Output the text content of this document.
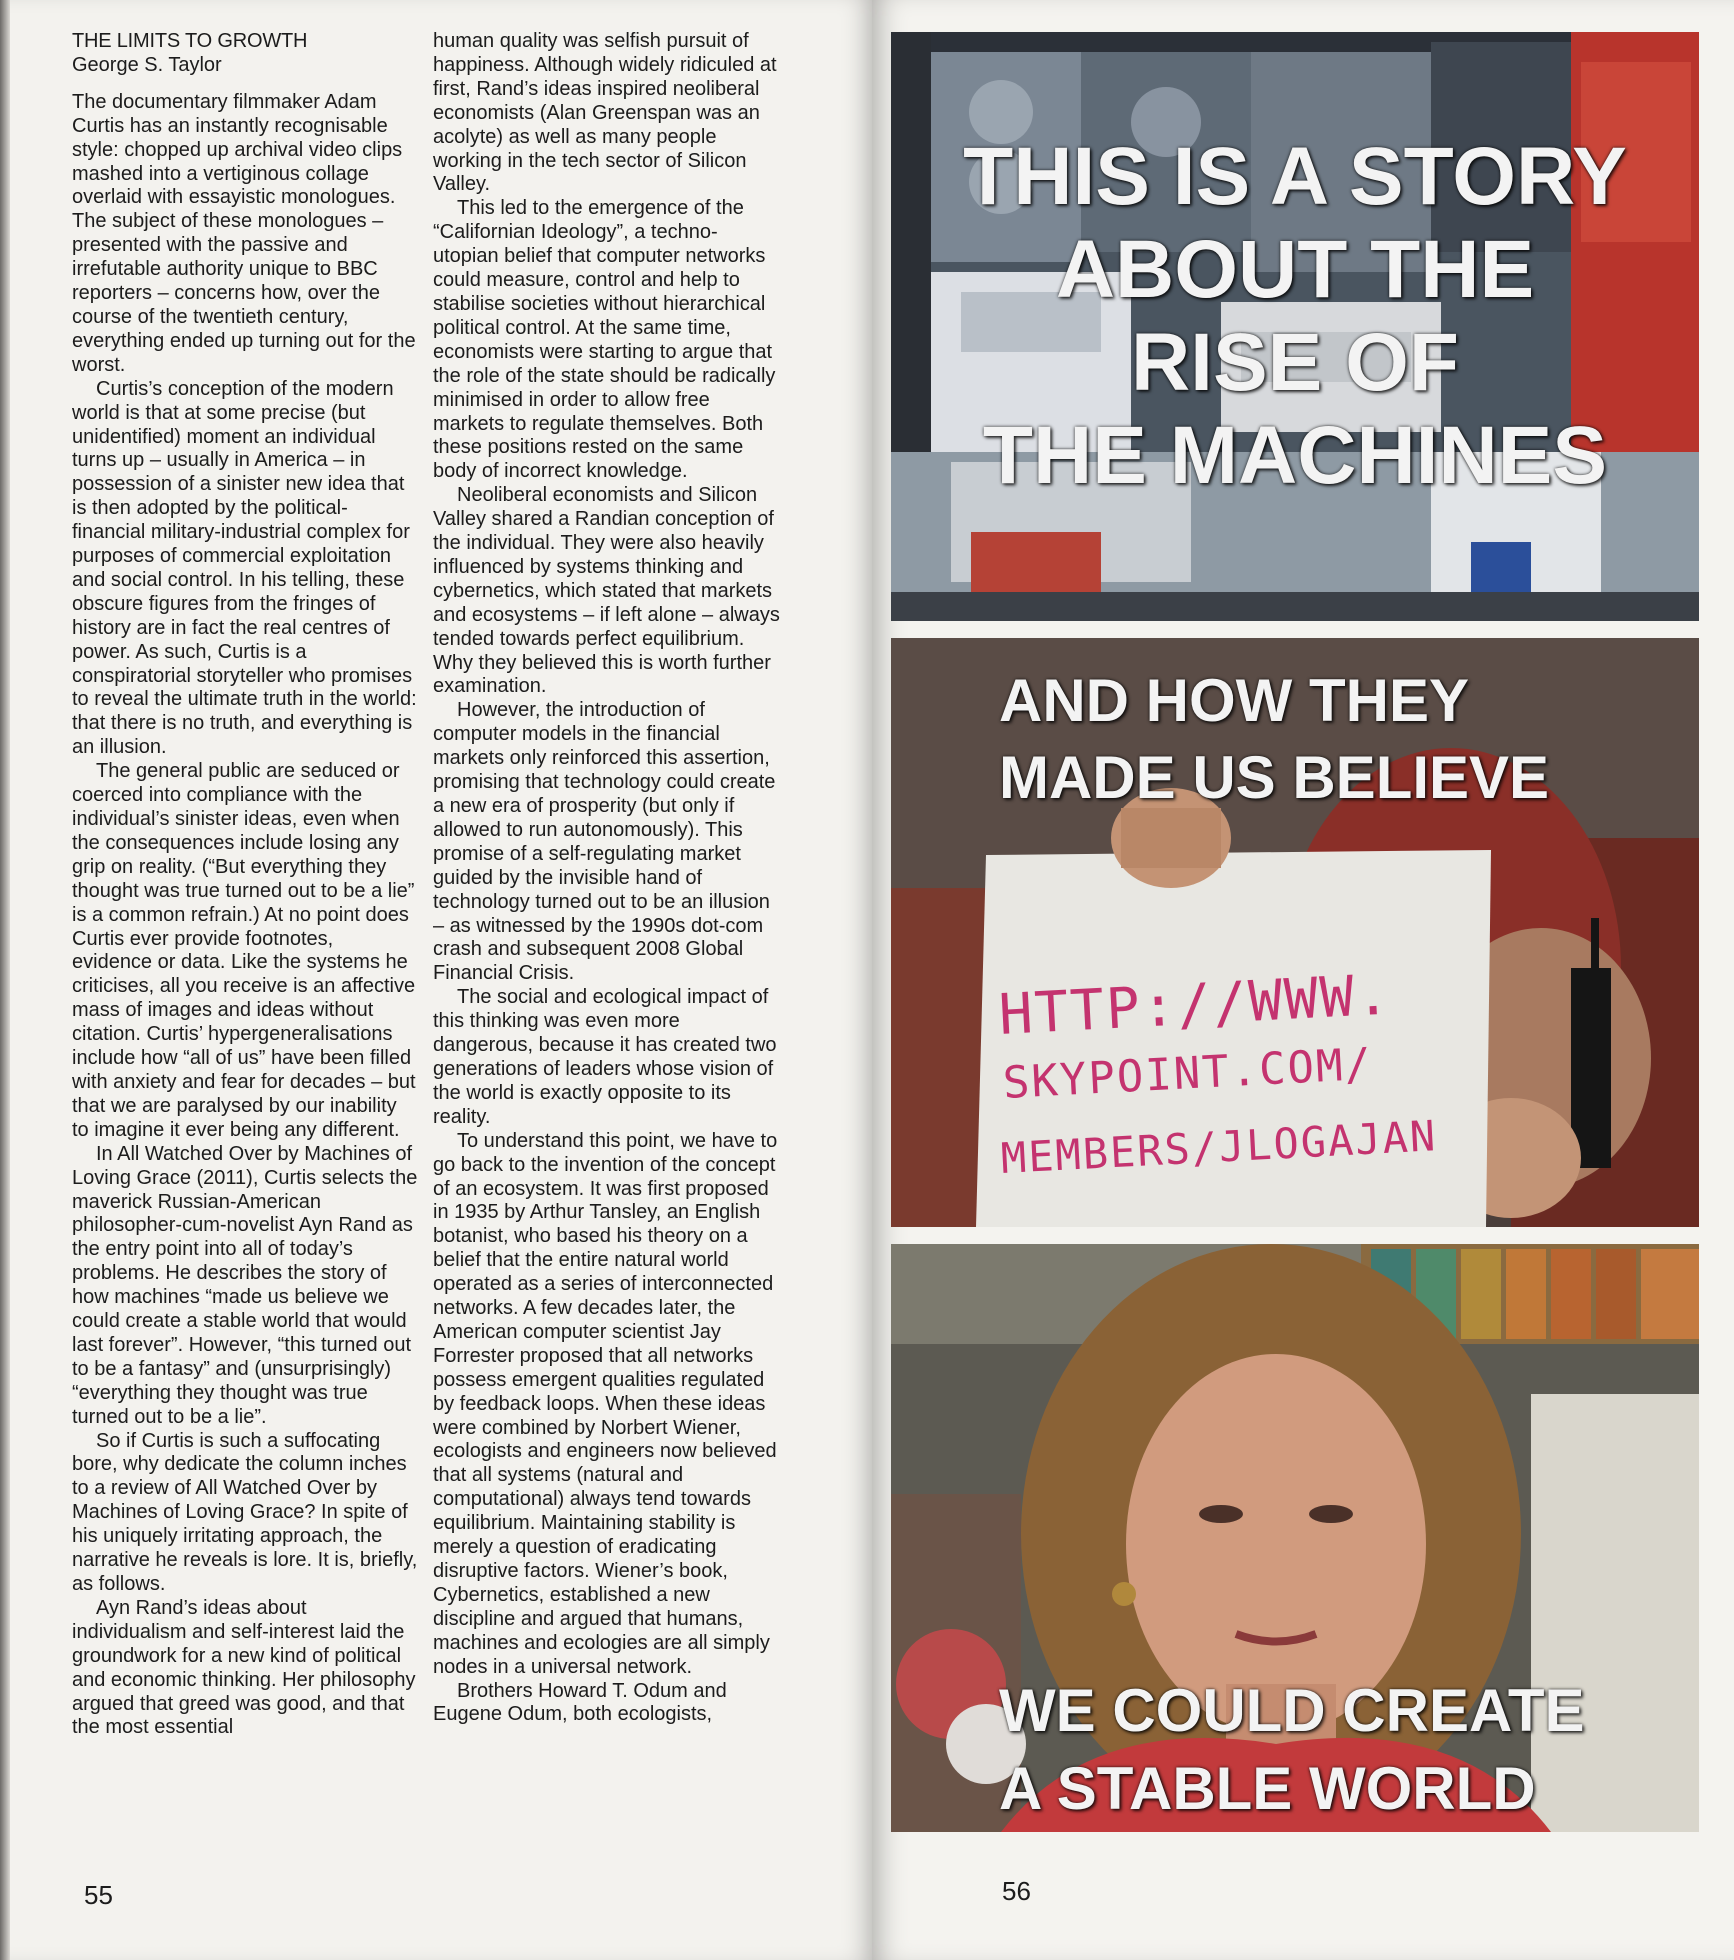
THE LIMITS TO GROWTH
George S. Taylor

The documentary filmmaker Adam Curtis has an instantly recognisable style: chopped up archival video clips mashed into a vertiginous collage overlaid with essayistic monologues. The subject of these monologues – presented with the passive and irrefutable authority unique to BBC reporters – concerns how, over the course of the twentieth century, everything ended up turning out for the worst.

Curtis’s conception of the modern world is that at some precise (but unidentified) moment an individual turns up – usually in America – in possession of a sinister new idea that is then adopted by the political-financial military-industrial complex for purposes of commercial exploitation and social control. In his telling, these obscure figures from the fringes of history are in fact the real centres of power. As such, Curtis is a conspiratorial storyteller who promises to reveal the ultimate truth in the world: that there is no truth, and everything is an illusion.

The general public are seduced or coerced into compliance with the individual’s sinister ideas, even when the consequences include losing any grip on reality. (“But everything they thought was true turned out to be a lie” is a common refrain.) At no point does Curtis ever provide footnotes, evidence or data. Like the systems he criticises, all you receive is an affective mass of images and ideas without citation. Curtis’ hypergeneralisations include how “all of us” have been filled with anxiety and fear for decades – but that we are paralysed by our inability to imagine it ever being any different.

In All Watched Over by Machines of Loving Grace (2011), Curtis selects the maverick Russian-American philosopher-cum-novelist Ayn Rand as the entry point into all of today’s problems. He describes the story of how machines “made us believe we could create a stable world that would last forever”. However, “this turned out to be a fantasy” and (unsurprisingly) “everything they thought was true turned out to be a lie”.

So if Curtis is such a suffocating bore, why dedicate the column inches to a review of All Watched Over by Machines of Loving Grace? In spite of his uniquely irritating approach, the narrative he reveals is lore. It is, briefly, as follows.

Ayn Rand’s ideas about individualism and self-interest laid the groundwork for a new kind of political and economic thinking. Her philosophy argued that greed was good, and that the most essential

human quality was selfish pursuit of happiness. Although widely ridiculed at first, Rand’s ideas inspired neoliberal economists (Alan Greenspan was an acolyte) as well as many people working in the tech sector of Silicon Valley.

This led to the emergence of the “Californian Ideology”, a techno-utopian belief that computer networks could measure, control and help to stabilise societies without hierarchical political control. At the same time, economists were starting to argue that the role of the state should be radically minimised in order to allow free markets to regulate themselves. Both these positions rested on the same body of incorrect knowledge.

Neoliberal economists and Silicon Valley shared a Randian conception of the individual. They were also heavily influenced by systems thinking and cybernetics, which stated that markets and ecosystems – if left alone – always tended towards perfect equilibrium. Why they believed this is worth further examination.

However, the introduction of computer models in the financial markets only reinforced this assertion, promising that technology could create a new era of prosperity (but only if allowed to run autonomously). This promise of a self-regulating market guided by the invisible hand of technology turned out to be an illusion – as witnessed by the 1990s dot-com crash and subsequent 2008 Global Financial Crisis.

The social and ecological impact of this thinking was even more dangerous, because it has created two generations of leaders whose vision of the world is exactly opposite to its reality.

To understand this point, we have to go back to the invention of the concept of an ecosystem. It was first proposed in 1935 by Arthur Tansley, an English botanist, who based his theory on a belief that the entire natural world operated as a series of interconnected networks. A few decades later, the American computer scientist Jay Forrester proposed that all networks possess emergent qualities regulated by feedback loops. When these ideas were combined by Norbert Wiener, ecologists and engineers now believed that all systems (natural and computational) always tend towards equilibrium. Maintaining stability is merely a question of eradicating disruptive factors. Wiener’s book, Cybernetics, established a new discipline and argued that humans, machines and ecologies are all simply nodes in a universal network.

Brothers Howard T. Odum and Eugene Odum, both ecologists,

55	56
THIS IS A STORY
ABOUT THE
RISE OF
THE MACHINES
AND HOW THEY
MADE US BELIEVE
HTTP://WWW.
SKYPOINT.COM/
MEMBERS/JLOGAJAN
WE COULD CREATE
A STABLE WORLD
